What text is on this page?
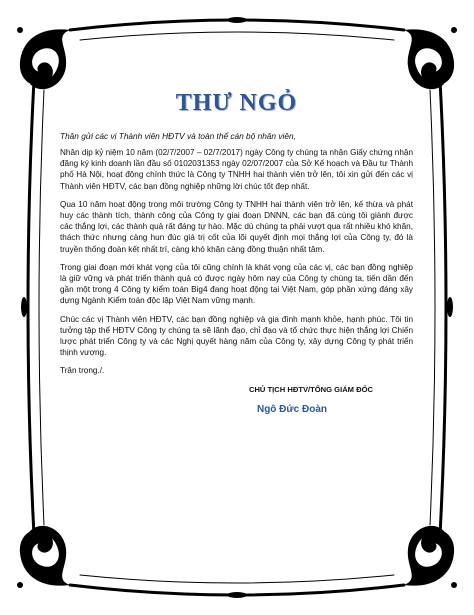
THƯ NGỎ

Thân gửi các vị Thành viên HĐTV và toàn thể cán bộ nhân viên,

Nhân dịp kỷ niệm 10 năm (02/7/2007 – 02/7/2017) ngày Công ty chúng ta nhận Giấy chứng nhận đăng ký kinh doanh lần đầu số 0102031353 ngày 02/07/2007 của Sở Kế hoạch và Đầu tư Thành phố Hà Nội, hoạt động chính thức là Công ty TNHH hai thành viên trở lên, tôi xin gửi đến các vị Thành viên HĐTV, các bạn đồng nghiệp những lời chúc tốt đẹp nhất.

Qua 10 năm hoạt động trong môi trường Công ty TNHH hai thành viên trở lên, kế thừa và phát huy các thành tích, thành công của Công ty giai đoạn DNNN, các bạn đã cùng tôi giành được các thắng lợi, các thành quả rất đáng tự hào. Mặc dù chúng ta phải vượt qua rất nhiều khó khăn, thách thức nhưng càng hun đúc giá trị cốt của lõi quyết định mọi thắng lợi của Công ty, đó là truyền thống đoàn kết nhất trí, càng khó khăn càng đồng thuận nhất tâm.

Trong giai đoạn mới khát vọng của tôi cũng chính là khát vọng của các vị, các bạn đồng nghiệp là giữ vững và phát triển thành quả có được ngày hôm nay của Công ty chúng ta, tiến dần đến gần một trong 4 Công ty kiểm toán Big4 đang hoạt động tại Việt Nam, góp phần xứng đáng xây dựng Ngành Kiểm toán độc lập Việt Nam vững mạnh.

Chúc các vị Thành viên HĐTV, các bạn đồng nghiệp và gia đình mạnh khỏe, hạnh phúc. Tôi tin tưởng tập thể HĐTV Công ty chúng ta sẽ lãnh đạo, chỉ đạo và tổ chức thực hiện thắng lợi Chiến lược phát triển Công ty và các Nghị quyết hàng năm của Công ty, xây dựng Công ty phát triển thịnh vượng.

Trân trọng./.

CHỦ TỊCH HĐTV/TỔNG GIÁM ĐỐC
Ngô Đức Đoàn
